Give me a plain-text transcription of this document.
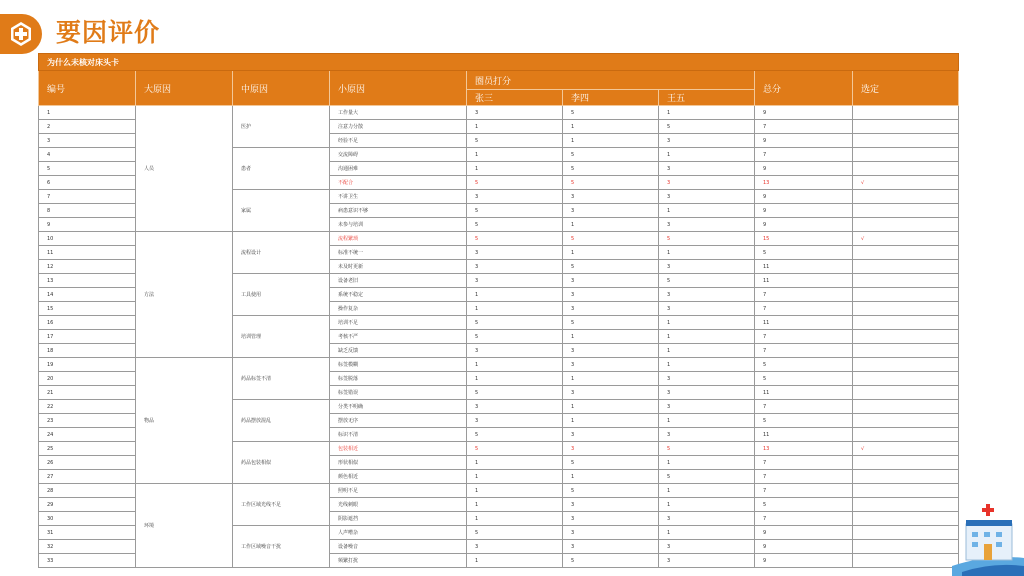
要因评价
为什么未核对床头卡								
编号	大原因	中原因	小原因	圈员打分			总分	选定
				张三	李四	王五		
1	人员	医护	工作量大	3	5	1	9	
2			注意力分散	1	1	5	7	
3			经验不足	5	1	3	9	
4		患者	交流障碍	1	5	1	7	
5			沟通困难	1	5	3	9	
6			不配合	5	5	3	13	√
7		家属	不讲卫生	3	3	3	9	
8			病患意识不够	5	3	1	9	
9			未参与培训	5	1	3	9	
10	方法	流程设计	流程繁琐	5	5	5	15	√
11			标准不统一	3	1	1	5	
12			未及时更新	3	5	3	11	
13		工具使用	设备老旧	3	3	5	11	
14			系统不稳定	1	3	3	7	
15			操作复杂	1	3	3	7	
16		培训管理	培训不足	5	5	1	11	
17			考核不严	5	1	1	7	
18			缺乏反馈	3	3	1	7	
19	物品	药品标签不清	标签模糊	1	3	1	5	
20			标签脱落	1	1	3	5	
21			标签错误	5	3	3	11	
22		药品摆放混乱	分类不明确	3	1	3	7	
23			摆放无序	3	1	1	5	
24			标识不清	5	3	3	11	
25		药品包装相似	包装相近	5	3	5	13	√
26			形状相似	1	5	1	7	
27			颜色相近	1	1	5	7	
28	环境	工作区域光线不足	照明不足	1	5	1	7	
29			光线刺眼	1	3	1	5	
30			阴影遮挡	1	3	3	7	
31		工作区域噪音干扰	人声嘈杂	5	3	1	9	
32			设备噪音	3	3	3	9	
33			频繁打扰	1	5	3	9	
